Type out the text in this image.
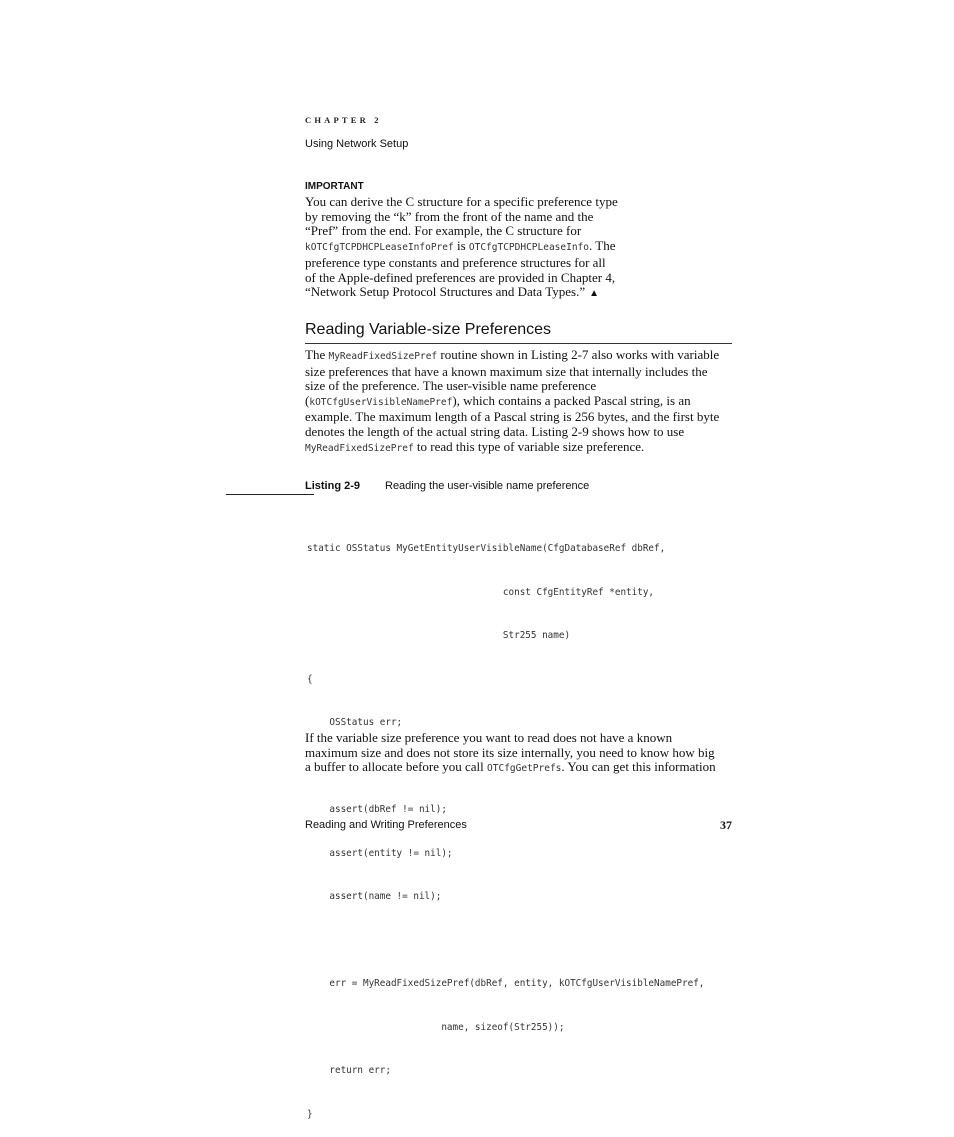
CHAPTER 2
Using Network Setup
IMPORTANT
You can derive the C structure for a specific preference type
by removing the “k” from the front of the name and the
“Pref” from the end. For example, the C structure for
kOTCfgTCPDHCPLeaseInfoPref is OTCfgTCPDHCPLeaseInfo. The
preference type constants and preference structures for all
of the Apple-defined preferences are provided in Chapter 4,
“Network Setup Protocol Structures and Data Types.” ▲
Reading Variable-size Preferences
The MyReadFixedSizePref routine shown in Listing 2-7 also works with variable
size preferences that have a known maximum size that internally includes the
size of the preference. The user-visible name preference
(kOTCfgUserVisibleNamePref), which contains a packed Pascal string, is an
example. The maximum length of a Pascal string is 256 bytes, and the first byte
denotes the length of the actual string data. Listing 2-9 shows how to use
MyReadFixedSizePref to read this type of variable size preference.
Listing 2-9 Reading the user-visible name preference

static OSStatus MyGetEntityUserVisibleName(CfgDatabaseRef dbRef,

const CfgEntityRef *entity,

Str255 name)

{

OSStatus err;

assert(dbRef != nil);

assert(entity != nil);

assert(name != nil);

err = MyReadFixedSizePref(dbRef, entity, kOTCfgUserVisibleNamePref,

name, sizeof(Str255));

return err;

}

If the variable size preference you want to read does not have a known
maximum size and does not store its size internally, you need to know how big
a buffer to allocate before you call OTCfgGetPrefs. You can get this information
Reading and Writing Preferences	37
